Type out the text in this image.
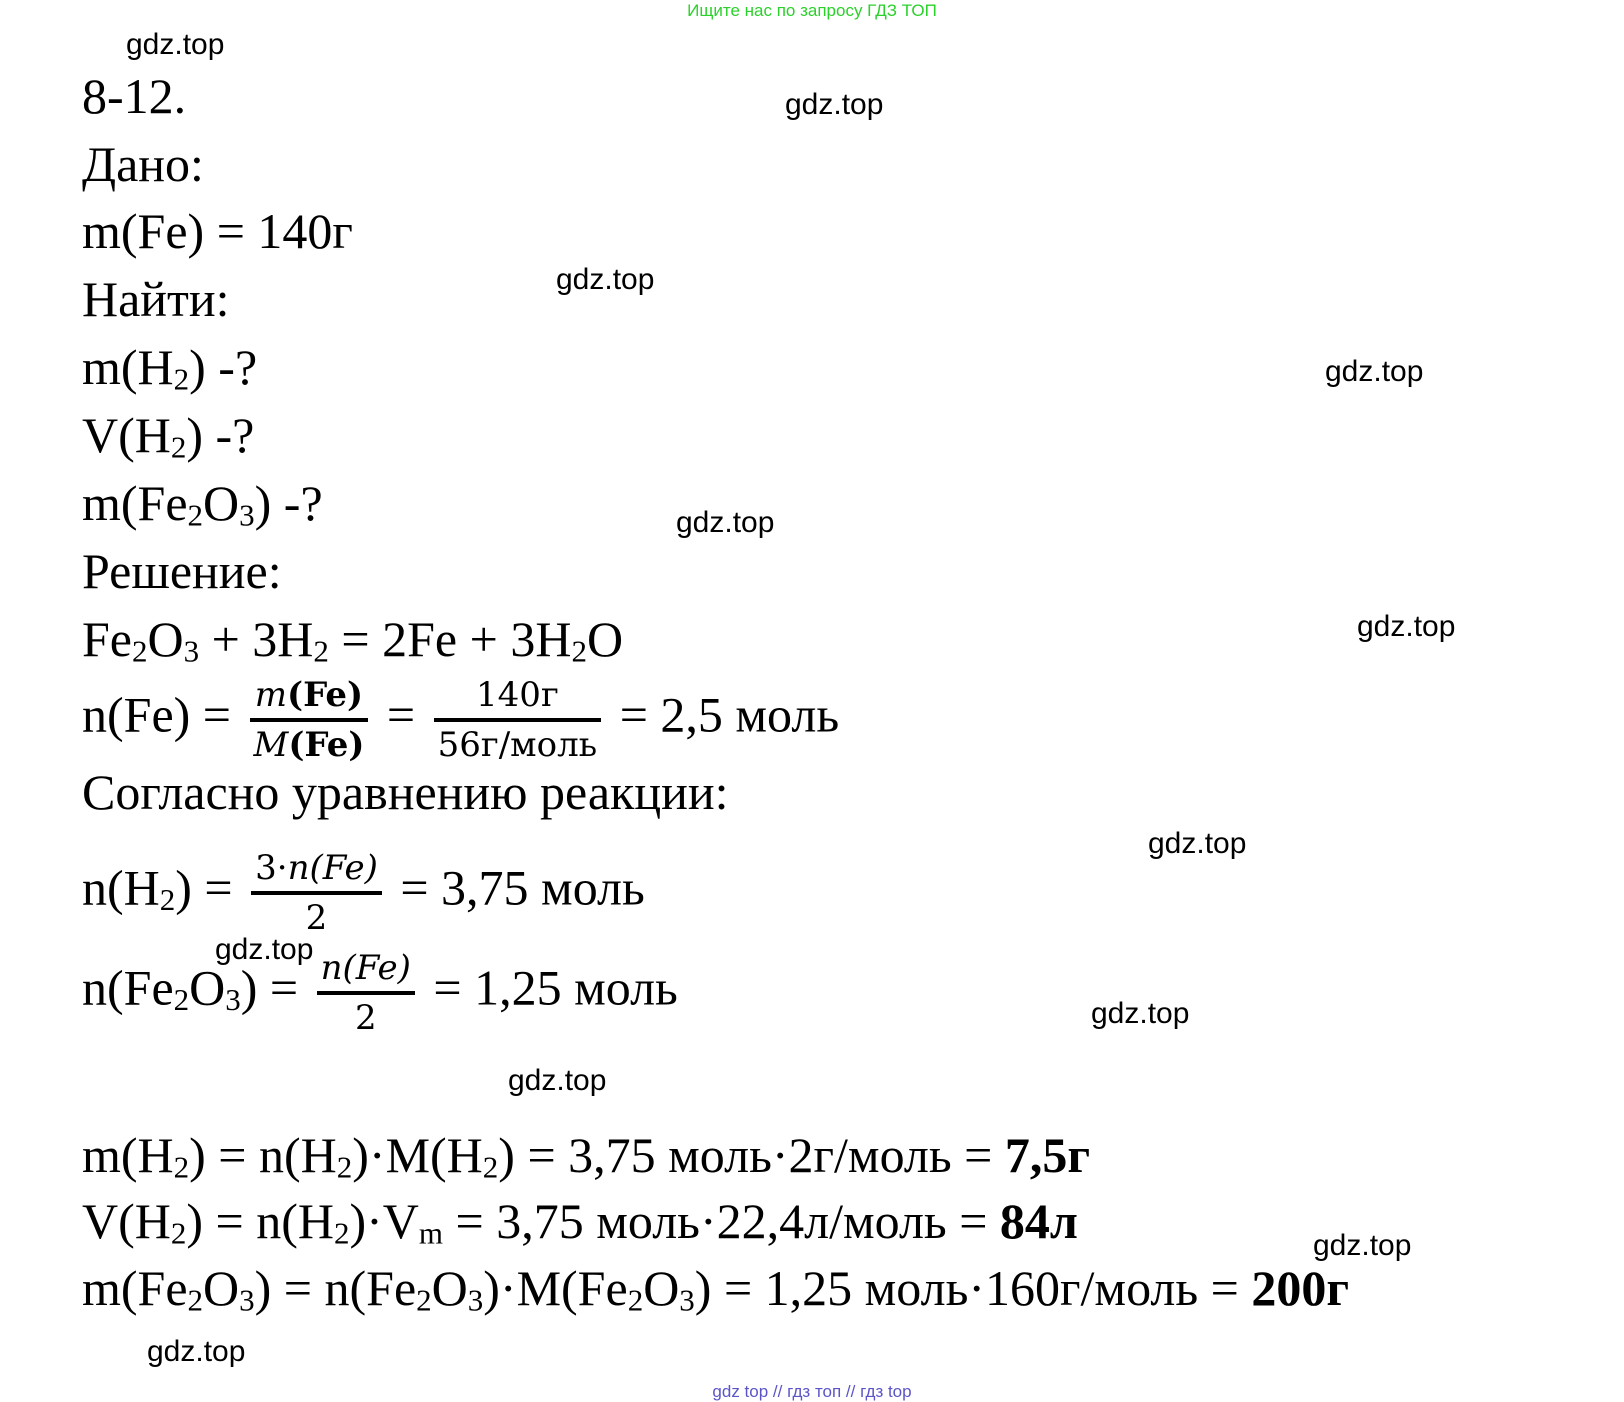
Ищите нас по запросу ГДЗ ТОП
gdz.top
gdz.top
gdz.top
gdz.top
gdz.top
gdz.top
gdz.top
gdz.top
gdz.top
gdz.top
gdz.top
gdz.top
8-12.
Дано:
m(Fe) = 140г
Найти:
$m(H_2)$ -?
$V(H_2)$ -?
$m(Fe_2O_3)$ -?
Решение:
$Fe_2O_3 + 3H_2 = 2Fe + 3H_2O$
$n(Fe) = \frac{m(Fe)}{M(Fe)} = \frac{140г}{\text{56г/моль}} = 2,5$ моль
Согласно уравнению реакции:
$n(H_2) = \frac{3\cdot n(Fe)}{2} = 3,75$ моль
$n(Fe_2O_3) = \frac{n(Fe)}{2} = 1,25$ моль
$m(H_2) = n(H_2)\cdot M(H_2) = 3,75$ моль·2г/моль = 7,5г
$V(H_2) = n(H_2)\cdot V_m = 3,75$ моль·22,4л/моль = 84л
$m(Fe_2O_3) = n(Fe_2O_3)\cdot M(Fe_2O_3) = 1,25$ моль·160г/моль = 200г
gdz top // гдз топ // гдз top
